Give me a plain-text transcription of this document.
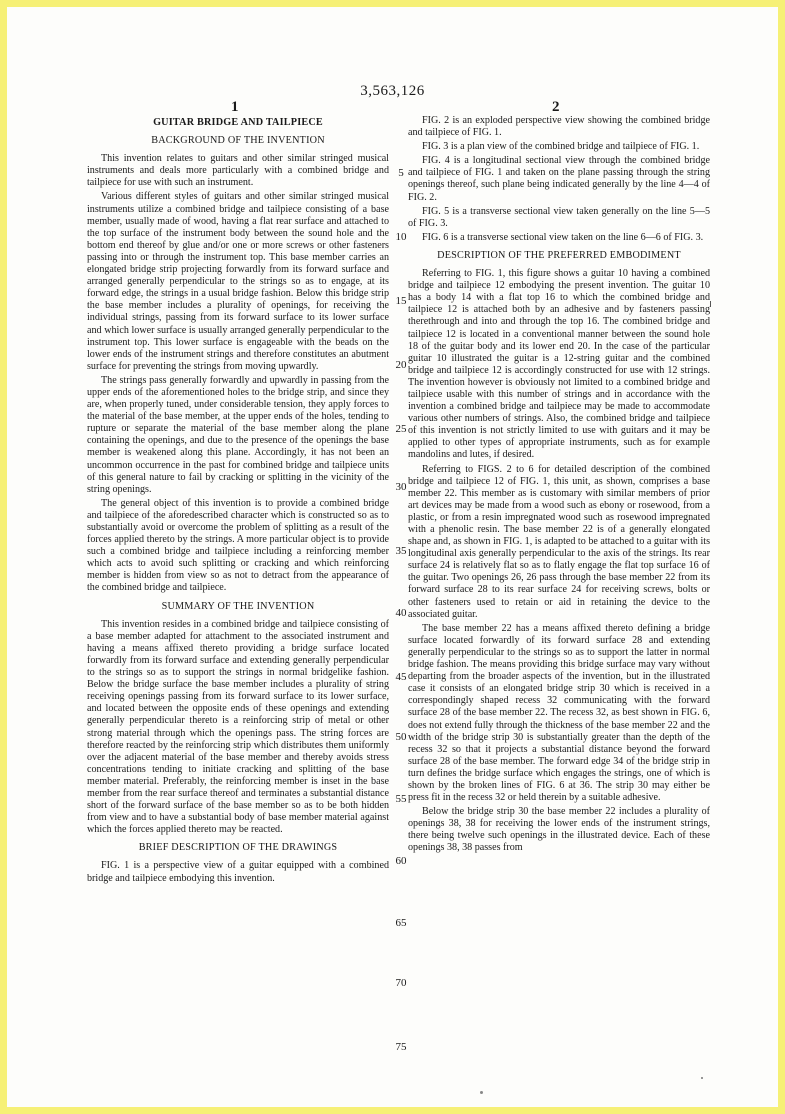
3,563,126
1	2
GUITAR BRIDGE AND TAILPIECE
BACKGROUND OF THE INVENTION

This invention relates to guitars and other similar stringed musical instruments and deals more particularly with a combined bridge and tailpiece for use with such an instrument.

Various different styles of guitars and other similar stringed musical instruments utilize a combined bridge and tailpiece consisting of a base member, usually made of wood, having a flat rear surface and attached to the top surface of the instrument body between the sound hole and the bottom end thereof by glue and/or one or more screws or other fasteners passing into or through the instrument top. This base member carries an elongated bridge strip projecting forwardly from its forward surface and arranged generally perpendicular to the strings so as to engage, at its forward edge, the strings in a usual bridge fashion. Below this bridge strip the base member includes a plurality of openings, for receiving the individual strings, passing from its forward surface to its lower surface and which lower surface is usually arranged generally perpendicular to the instrument top. This lower surface is engageable with the beads on the lower ends of the instrument strings and therefore constitutes an abutment surface for preventing the strings from moving upwardly.

The strings pass generally forwardly and upwardly in passing from the upper ends of the aforementioned holes to the bridge strip, and since they are, when properly tuned, under considerable tension, they apply forces to the material of the base member, at the upper ends of the holes, tending to rupture or separate the material of the base member along the plane containing the openings, and due to the presence of the openings the base member is weakened along this plane. Accordingly, it has not been an uncommon occurrence in the past for combined bridge and tailpiece units of this general nature to fail by cracking or splitting in the vicinity of the string openings.

The general object of this invention is to provide a combined bridge and tailpiece of the aforedescribed character which is constructed so as to substantially avoid or overcome the problem of splitting as a result of the forces applied thereto by the strings. A more particular object is to provide such a combined bridge and tailpiece including a reinforcing member which acts to avoid such splitting or cracking and which reinforcing member is hidden from view so as not to detract from the appearance of the combined bridge and tailpiece.

SUMMARY OF THE INVENTION

This invention resides in a combined bridge and tailpiece consisting of a base member adapted for attachment to the associated instrument and having a means affixed thereto providing a bridge surface located forwardly from its forward surface and extending generally perpendicular to the strings so as to support the strings in normal bridgelike fashion. Below the bridge surface the base member includes a plurality of string receiving openings passing from its forward surface to its lower surface, and located between the opposite ends of these openings and extending generally perpendicular thereto is a reinforcing strip of metal or other strong material through which the openings pass. The string forces are therefore reacted by the reinforcing strip which distributes them uniformly over the adjacent material of the base member and thereby avoids stress concentrations tending to initiate cracking and splitting of the base member material. Preferably, the reinforcing member is inset in the base member from the rear surface thereof and terminates a substantial distance short of the forward surface of the base member so as to be both hidden from view and to have a substantial body of base member material against which the forces applied thereto may be reacted.

BRIEF DESCRIPTION OF THE DRAWINGS

FIG. 1 is a perspective view of a guitar equipped with a combined bridge and tailpiece embodying this invention.

FIG. 2 is an exploded perspective view showing the combined bridge and tailpiece of FIG. 1.

FIG. 3 is a plan view of the combined bridge and tailpiece of FIG. 1.

FIG. 4 is a longitudinal sectional view through the combined bridge and tailpiece of FIG. 1 and taken on the plane passing through the string openings thereof, such plane being indicated generally by the line 4—4 of FIG. 2.

FIG. 5 is a transverse sectional view taken generally on the line 5—5 of FIG. 3.

FIG. 6 is a transverse sectional view taken on the line 6—6 of FIG. 3.

DESCRIPTION OF THE PREFERRED EMBODIMENT

Referring to FIG. 1, this figure shows a guitar 10 having a combined bridge and tailpiece 12 embodying the present invention. The guitar 10 has a body 14 with a flat top 16 to which the combined bridge and tailpiece 12 is attached both by an adhesive and by fasteners passing therethrough and into and through the top 16. The combined bridge and tailpiece 12 is located in a conventional manner between the sound hole 18 of the guitar body and its lower end 20. In the case of the particular guitar 10 illustrated the guitar is a 12-string guitar and the combined bridge and tailpiece 12 is accordingly constructed for use with 12 strings. The invention however is obviously not limited to a combined bridge and tailpiece usable with this number of strings and in accordance with the invention a combined bridge and tailpiece may be made to accommodate various other numbers of strings. Also, the combined bridge and tailpiece of this invention is not strictly limited to use with guitars and it may be applied to other types of appropriate instruments, such as for example mandolins and lutes, if desired.

Referring to FIGS. 2 to 6 for detailed description of the combined bridge and tailpiece 12 of FIG. 1, this unit, as shown, comprises a base member 22. This member as is customary with similar members of prior art devices may be made from a wood such as ebony or rosewood, from a plastic, or from a resin impregnated wood such as rosewood impregnated with a phenolic resin. The base member 22 is of a generally elongated shape and, as shown in FIG. 1, is adapted to be attached to a guitar with its longitudinal axis generally perpendicular to the axis of the strings. Its rear surface 24 is relatively flat so as to flatly engage the flat top surface 16 of the guitar. Two openings 26, 26 pass through the base member 22 from its forward surface 28 to its rear surface 24 for receiving screws, bolts or other fasteners used to retain or aid in retaining the device to the associated guitar.

The base member 22 has a means affixed thereto defining a bridge surface located forwardly of its forward surface 28 and extending generally perpendicular to the strings so as to support the latter in normal bridge fashion. The means providing this bridge surface may vary without departing from the broader aspects of the invention, but in the illustrated case it consists of an elongated bridge strip 30 which is received in a correspondingly shaped recess 32 communicating with the forward surface 28 of the base member 22. The recess 32, as best shown in FIG. 6, does not extend fully through the thickness of the base member 22 and the width of the bridge strip 30 is substantially greater than the depth of the recess 32 so that it projects a substantial distance beyond the forward surface 28 of the base member. The forward edge 34 of the bridge strip in turn defines the bridge surface which engages the strings, one of which is shown by the broken lines of FIG. 6 at 36. The strip 30 may either be press fit in the recess 32 or held therein by a suitable adhesive.

Below the bridge strip 30 the base member 22 includes a plurality of openings 38, 38 for receiving the lower ends of the instrument strings, there being twelve such openings in the illustrated device. Each of these openings 38, 38 passes from

5
10
15
20
25
30
35
40
45
50
55
60
65
70
75
